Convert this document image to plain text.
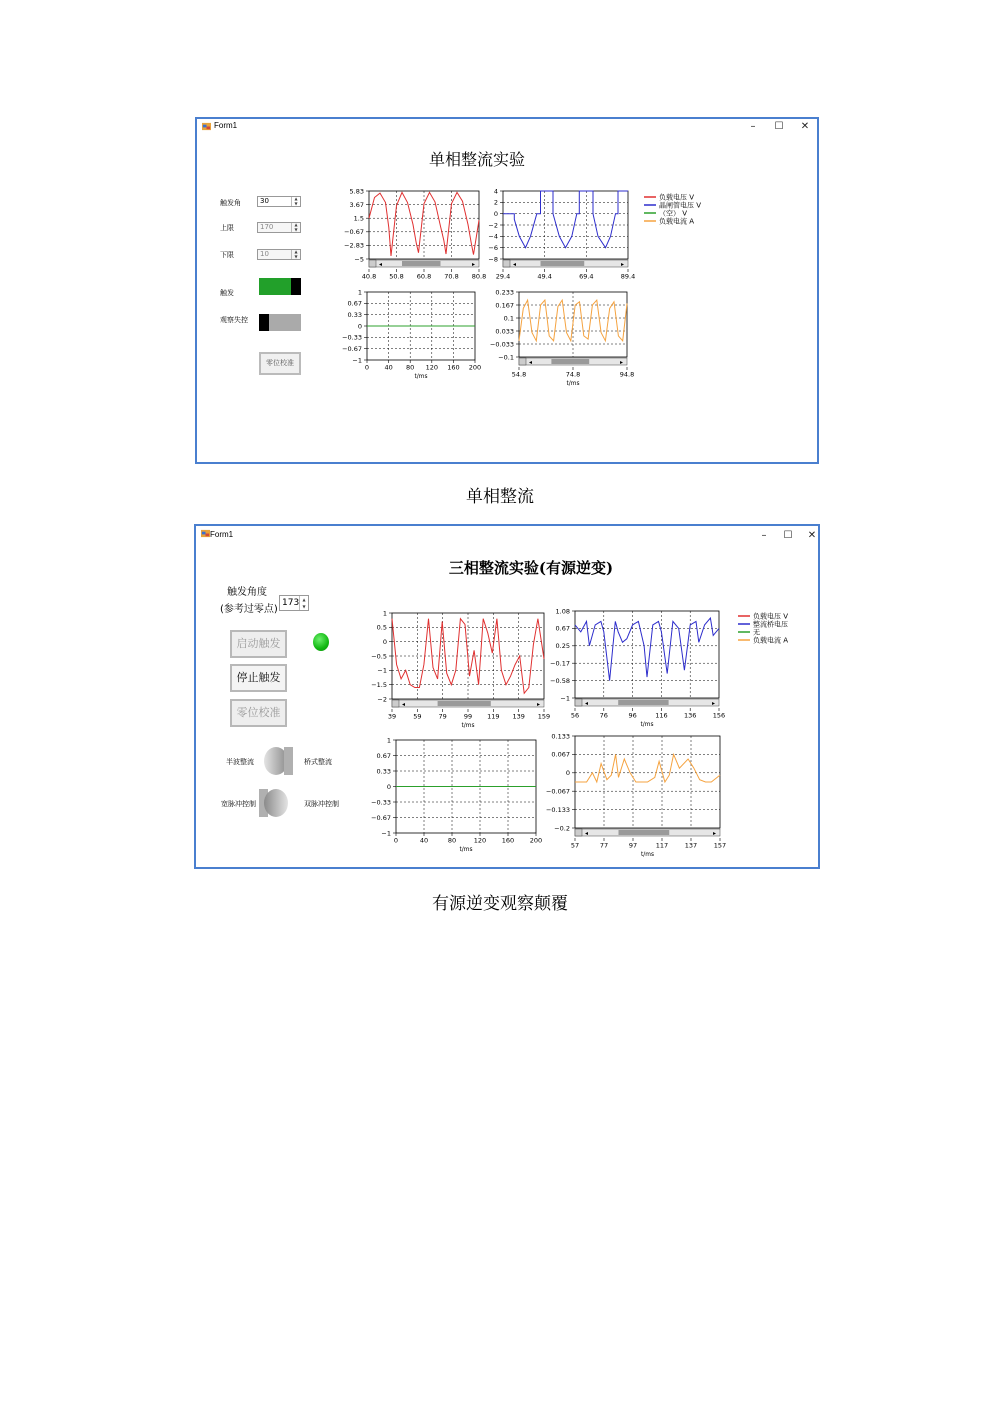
Form1	–	☐	✕
单相整流实验
触发角	30	▲
▼
上限	170	▲
▼
下限	10	▲
▼
触发
观察失控
零位校准
5.83
3.67
1.5
−0.67
−2.83
−5
40.8 50.8 60.8 70.8 80.8
◂	▸
4
2
0
−2
−4
−6
−8
29.4	49.4	69.4	89.4
◂	▸
1
0.67
0.33
0
−0.33
−0.67
−1
0 40 80 120 160 200
t/ms
0.233
0.167
0.1
0.033
−0.033
−0.1
54.8	74.8	94.8
t/ms
◂	▸
负载电压 V
晶闸管电压 V
（空） V
负载电流 A
单相整流
Form1	–	☐	✕
三相整流实验(有源逆变)
触发角度
(参考过零点)
173 ▲
▼
启动触发
停止触发
零位校准
半波整流	桥式整流
宽脉冲控制	双脉冲控制
1
0.5
0
−0.5
−1
−1.5
−2
39	59	79	99 119 139 159
t/ms
◂	▸
1.08
0.67
0.25
−0.17
−0.58
−1
56	76	96	116	136	156
t/ms
◂	▸
1
0.67
0.33
0
−0.33
−0.67
−1
0	40	80	120 160 200
t/ms
0.133
0.067
0
−0.067
−0.133
−0.2
57	77	97	117	137	157
t/ms
◂	▸
负载电压 V
整流桥电压
无
负载电流 A
有源逆变观察颠覆
